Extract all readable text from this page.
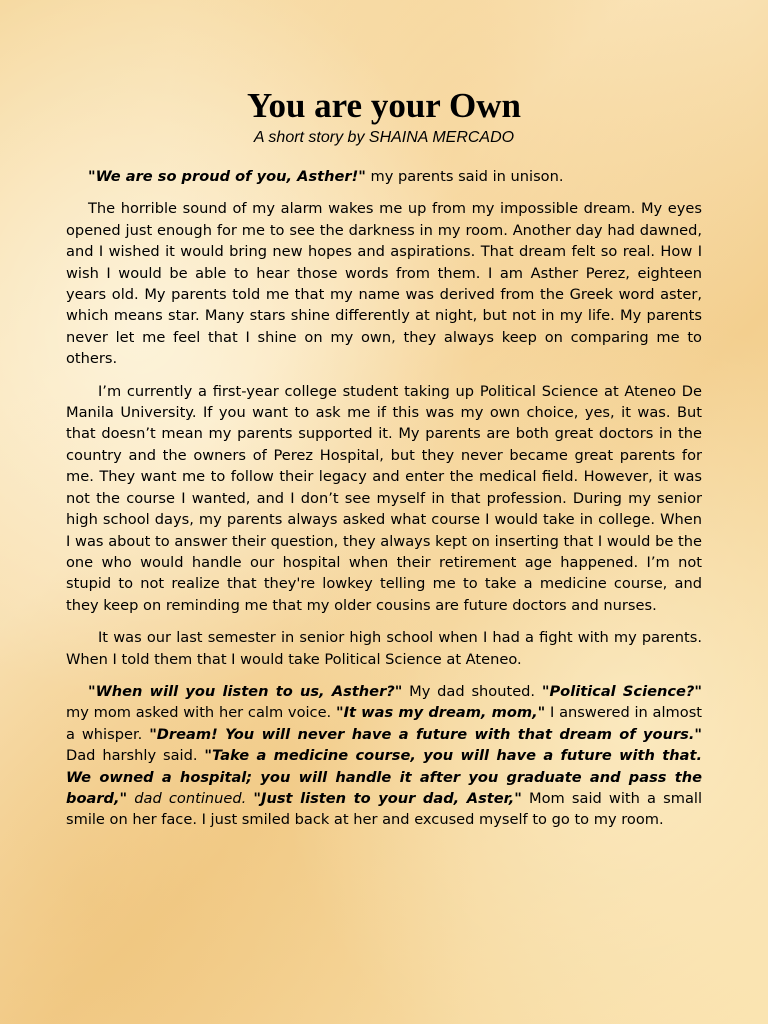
You are your Own
A short story by SHAINA MERCADO

"We are so proud of you, Asther!" my parents said in unison.

The horrible sound of my alarm wakes me up from my impossible dream. My eyes opened just enough for me to see the darkness in my room. Another day had dawned, and I wished it would bring new hopes and aspirations. That dream felt so real. How I wish I would be able to hear those words from them. I am Asther Perez, eighteen years old. My parents told me that my name was derived from the Greek word aster, which means star. Many stars shine differently at night, but not in my life. My parents never let me feel that I shine on my own, they always keep on comparing me to others.

I’m currently a first-year college student taking up Political Science at Ateneo De Manila University. If you want to ask me if this was my own choice, yes, it was. But that doesn’t mean my parents supported it. My parents are both great doctors in the country and the owners of Perez Hospital, but they never became great parents for me. They want me to follow their legacy and enter the medical field. However, it was not the course I wanted, and I don’t see myself in that profession. During my senior high school days, my parents always asked what course I would take in college. When I was about to answer their question, they always kept on inserting that I would be the one who would handle our hospital when their retirement age happened. I’m not stupid to not realize that they're lowkey telling me to take a medicine course, and they keep on reminding me that my older cousins are future doctors and nurses.

It was our last semester in senior high school when I had a fight with my parents. When I told them that I would take Political Science at Ateneo.

"When will you listen to us, Asther?" My dad shouted. "Political Science?" my mom asked with her calm voice. "It was my dream, mom," I answered in almost a whisper. "Dream! You will never have a future with that dream of yours." Dad harshly said. "Take a medicine course, you will have a future with that. We owned a hospital; you will handle it after you graduate and pass the board," dad continued. "Just listen to your dad, Aster," Mom said with a small smile on her face. I just smiled back at her and excused myself to go to my room.
